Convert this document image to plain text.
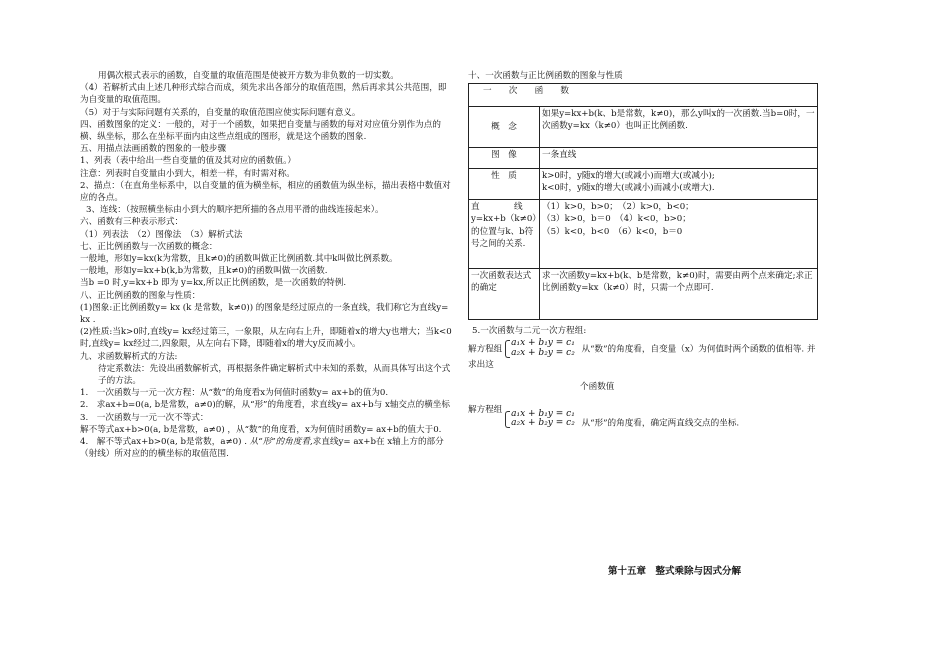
用偶次根式表示的函数，自变量的取值范围是使被开方数为非负数的一切实数。

（4）若解析式由上述几种形式综合而成，须先求出各部分的取值范围，然后再求其公共范围，即为自变量的取值范围。

（5）对于与实际问题有关系的，自变量的取值范围应使实际问题有意义。

四、函数图象的定义：一般的，对于一个函数，如果把自变量与函数的每对对应值分别作为点的横、纵坐标，那么在坐标平面内由这些点组成的图形，就是这个函数的图象.

五、用描点法画函数的图象的一般步骤

1、列表（表中给出一些自变量的值及其对应的函数值。）

注意：列表时自变量由小到大，相差一样，有时需对称。

2、描点：（在直角坐标系中，以自变量的值为横坐标，相应的函数值为纵坐标，描出表格中数值对应的各点。

3、连线：（按照横坐标由小到大的顺序把所描的各点用平滑的曲线连接起来）。

六、函数有三种表示形式：

（1）列表法　（2）图像法　（3）解析式法

七、正比例函数与一次函数的概念：

一般地，形如y=kx(k为常数，且k≠0)的函数叫做正比例函数.其中k叫做比例系数。

一般地，形如y=kx+b(k,b为常数，且k≠0)的函数叫做一次函数.

当b =0 时,y=kx+b 即为 y=kx,所以正比例函数，是一次函数的特例.

八、正比例函数的图象与性质：

(1)图象:正比例函数y= kx (k 是常数，k≠0)) 的图象是经过原点的一条直线，我们称它为直线y= kx .

(2)性质:当k>0时,直线y= kx经过第三，一象限，从左向右上升，即随着x的增大y也增大；当k<0时,直线y= kx经过二,四象限，从左向右下降，即随着x的增大y反而减小。

九、求函数解析式的方法:

待定系数法：先设出函数解析式，再根据条件确定解析式中未知的系数，从而具体写出这个式子的方法。

1.　一次函数与一元一次方程：从“数”的角度看x为何值时函数y= ax+b的值为0.

2.　求ax+b=0(a, b是常数，a≠0)的解，从“形”的角度看，求直线y= ax+b与 x轴交点的横坐标

3.　一次函数与一元一次不等式：

解不等式ax+b>0(a, b是常数，a≠0) ，从“数”的角度看，x为何值时函数y= ax+b的值大于0.

4.　解不等式ax+b>0(a, b是常数，a≠0) . 从“形”的角度看,求直线y= ax+b在 x轴上方的部分（射线）所对应的的横坐标的取值范围.

十、一次函数与正比例函数的图象与性质

一　　次　　函　　数	
概　念	如果y=kx+b(k、b是常数，k≠0)，那么y叫x的一次函数.当b=0时，一次函数y=kx（k≠0）也叫正比例函数.
图　像	一条直线
性　质	k>0时，y随x的增大(或减小)而增大(或减小);
k<0时，y随x的增大(或减小)而减小(或增大).
直　　　　线y=kx+b（k≠0）的位置与k、b符号之间的关系.	（1）k>0，b>0；　（2）k>0，b<0；
（3）k>0，b＝0　（4）k<0，b>0；
（5）k<0，b<0　（6）k<0，b＝0
一次函数表达式的确定	求一次函数y=kx+b(k、b是常数，k≠0)时，需要由两个点来确定;求正比例函数y=kx（k≠0）时，只需一个点即可.

5.一次函数与二元一次方程组:

解方程组
a₁x + b₁y = c₁
a₂x + b₂y = c₂ 从“数”的角度看，自变量（x）为何值时两个函数的值相等. 并求出这

个函数值

解方程组 a₁x + b₁y = c₁
a₂x + b₂y = c₂ 从“形”的角度看，确定两直线交点的坐标.
第十五章　整式乘除与因式分解
